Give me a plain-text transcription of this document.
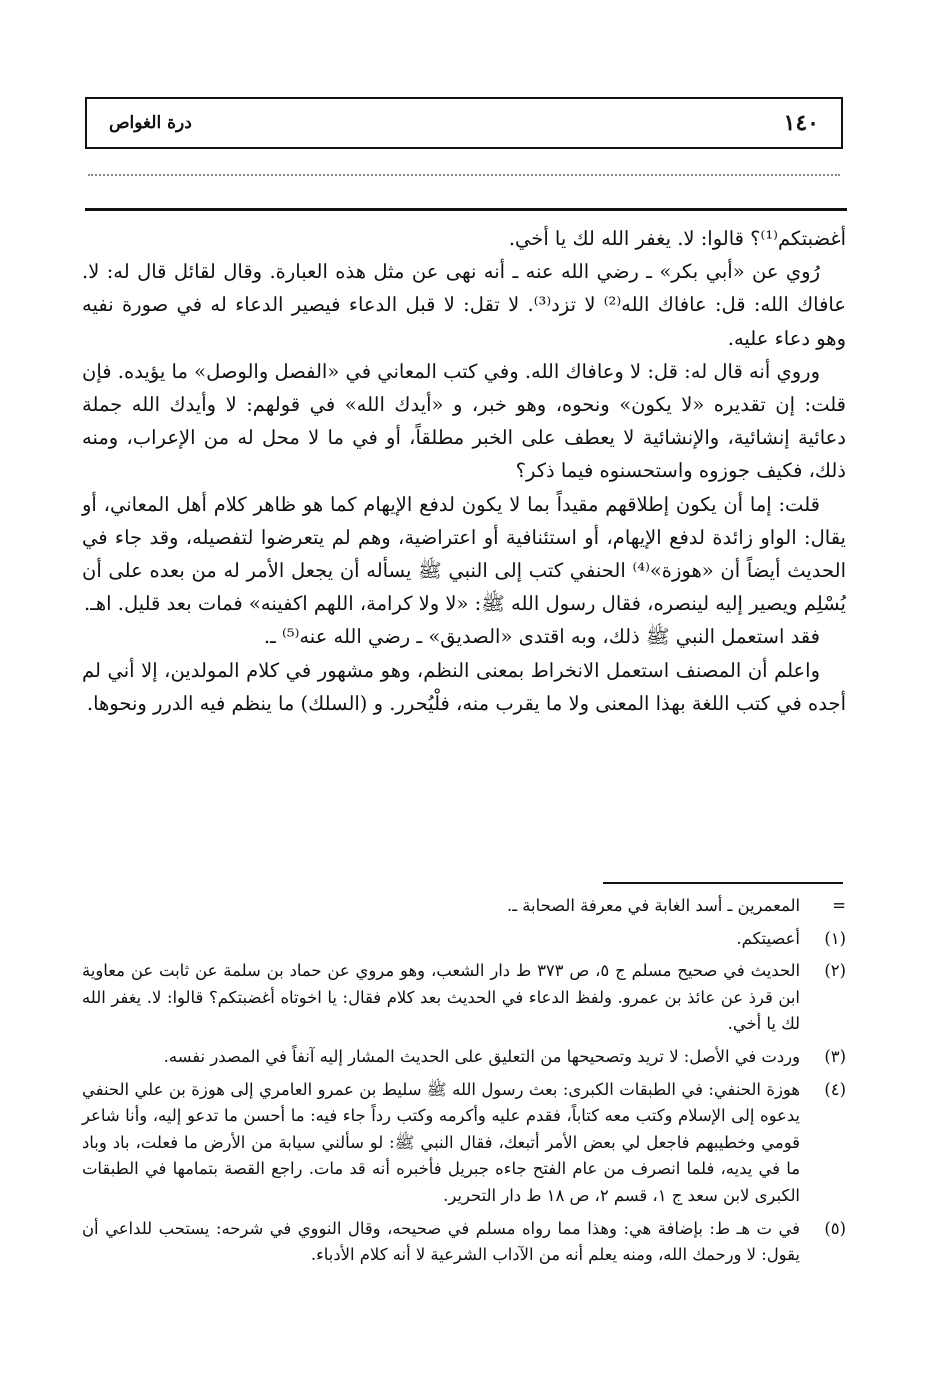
١٤٠
درة الغواص

أغضبتكم⁽¹⁾؟ قالوا: لا. يغفر الله لك يا أخي.

رُوي عن «أبي بكر» ـ رضي الله عنه ـ أنه نهى عن مثل هذه العبارة. وقال لقائل قال له: لا. عافاك الله: قل: عافاك الله⁽²⁾ لا تزد⁽³⁾. لا تقل: لا قبل الدعاء فيصير الدعاء له في صورة نفيه وهو دعاء عليه.

وروي أنه قال له: قل: لا وعافاك الله. وفي كتب المعاني في «الفصل والوصل» ما يؤيده. فإن قلت: إن تقديره «لا يكون» ونحوه، وهو خبر، و «أيدك الله» في قولهم: لا وأيدك الله جملة دعائية إنشائية، والإنشائية لا يعطف على الخبر مطلقاً، أو في ما لا محل له من الإعراب، ومنه ذلك، فكيف جوزوه واستحسنوه فيما ذكر؟

قلت: إما أن يكون إطلاقهم مقيداً بما لا يكون لدفع الإيهام كما هو ظاهر كلام أهل المعاني، أو يقال: الواو زائدة لدفع الإيهام، أو استئنافية أو اعتراضية، وهم لم يتعرضوا لتفصيله، وقد جاء في الحديث أيضاً أن «هوزة»⁽⁴⁾ الحنفي كتب إلى النبي ﷺ يسأله أن يجعل الأمر له من بعده على أن يُسْلِم ويصير إليه لينصره، فقال رسول الله ﷺ: «لا ولا كرامة، اللهم اكفينه» فمات بعد قليل. اهـ.

فقد استعمل النبي ﷺ ذلك، وبه اقتدى «الصديق» ـ رضي الله عنه⁽⁵⁾ ـ.

واعلم أن المصنف استعمل الانخراط بمعنى النظم، وهو مشهور في كلام المولدين، إلا أني لم أجده في كتب اللغة بهذا المعنى ولا ما يقرب منه، فلْيُحرر. و (السلك) ما ينظم فيه الدرر ونحوها.

=
المعمرين ـ أسد الغابة في معرفة الصحابة ـ.
(١)
أعصيتكم.
(٢)
الحديث في صحيح مسلم ج ٥، ص ٣٧٣ ط دار الشعب، وهو مروي عن حماد بن سلمة عن ثابت عن معاوية ابن قرذ عن عائذ بن عمرو. ولفظ الدعاء في الحديث بعد كلام فقال: يا اخوتاه أغضبتكم؟ قالوا: لا. يغفر الله لك يا أخي.
(٣)
وردت في الأصل: لا تريد وتصحيحها من التعليق على الحديث المشار إليه آنفاً في المصدر نفسه.
(٤)
هوزة الحنفي: في الطبقات الكبرى: بعث رسول الله ﷺ سليط بن عمرو العامري إلى هوزة بن علي الحنفي يدعوه إلى الإسلام وكتب معه كتاباً، فقدم عليه وأكرمه وكتب رداً جاء فيه: ما أحسن ما تدعو إليه، وأنا شاعر قومي وخطيبهم فاجعل لي بعض الأمر أتبعك، فقال النبي ﷺ: لو سألني سيابة من الأرض ما فعلت، باد وباد ما في يديه، فلما انصرف من عام الفتح جاءه جبريل فأخبره أنه قد مات. راجع القصة بتمامها في الطبقات الكبرى لابن سعد ج ١، قسم ٢، ص ١٨ ط دار التحرير.
(٥)
في ت هـ ط: بإضافة هي: وهذا مما رواه مسلم في صحيحه، وقال النووي في شرحه: يستحب للداعي أن يقول: لا ورحمك الله، ومنه يعلم أنه من الآداب الشرعية لا أنه كلام الأدباء.
